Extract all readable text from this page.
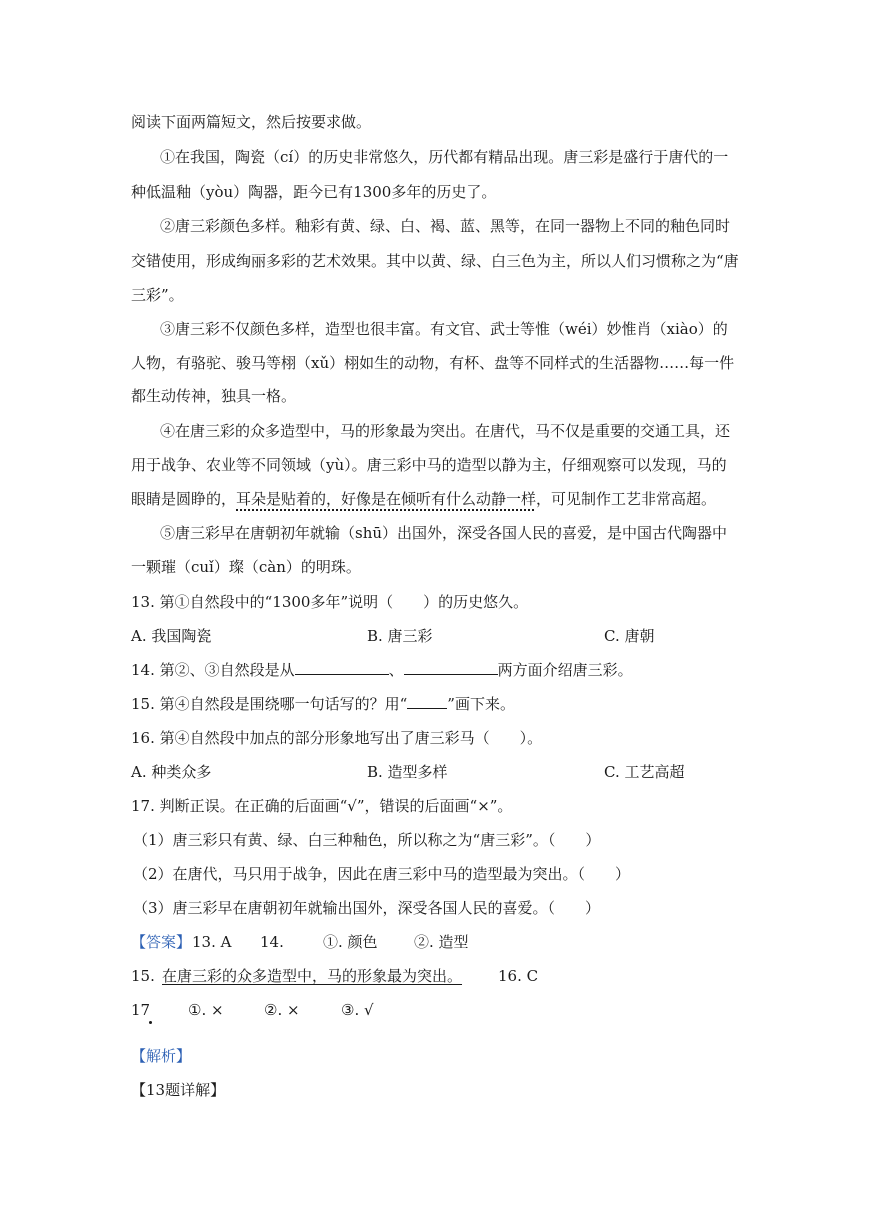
阅读下面两篇短文，然后按要求做。
①在我国，陶瓷（cí）的历史非常悠久，历代都有精品出现。唐三彩是盛行于唐代的一
种低温釉（yòu）陶器，距今已有1300多年的历史了。
②唐三彩颜色多样。釉彩有黄、绿、白、褐、蓝、黑等，在同一器物上不同的釉色同时
交错使用，形成绚丽多彩的艺术效果。其中以黄、绿、白三色为主，所以人们习惯称之为“唐
三彩”。
③唐三彩不仅颜色多样，造型也很丰富。有文官、武士等惟（wéi）妙惟肖（xiào）的
人物，有骆驼、骏马等栩（xǔ）栩如生的动物，有杯、盘等不同样式的生活器物……每一件
都生动传神，独具一格。
④在唐三彩的众多造型中，马的形象最为突出。在唐代，马不仅是重要的交通工具，还
用于战争、农业等不同领域（yù）。唐三彩中马的造型以静为主，仔细观察可以发现，马的
眼睛是圆睁的，耳朵是贴着的，好像是在倾听有什么动静一样，可见制作工艺非常高超。
⑤唐三彩早在唐朝初年就输（shū）出国外，深受各国人民的喜爱，是中国古代陶器中
一颗璀（cuǐ）璨（càn）的明珠。
13. 第①自然段中的“1300多年”说明（　　）的历史悠久。
A. 我国陶瓷	B. 唐三彩	C. 唐朝
14. 第②、③自然段是从	、	两方面介绍唐三彩。
15. 第④自然段是围绕哪一句话写的？用“	”画下来。
16. 第④自然段中加点的部分形象地写出了唐三彩马（　　）。
A. 种类众多	B. 造型多样	C. 工艺高超
17. 判断正误。在正确的后面画“√”，错误的后面画“×”。
（1）唐三彩只有黄、绿、白三种釉色，所以称之为“唐三彩”。（　　）
（2）在唐代，马只用于战争，因此在唐三彩中马的造型最为突出。（　　）
（3）唐三彩早在唐朝初年就输出国外，深受各国人民的喜爱。（　　）
【答案】 13. A 14.	①. 颜色 ②. 造型
15. 在唐三彩的众多造型中，马的形象最为突出。 16. C
17	①. ×	②. ×	③. √
【解析】
【13题详解】
